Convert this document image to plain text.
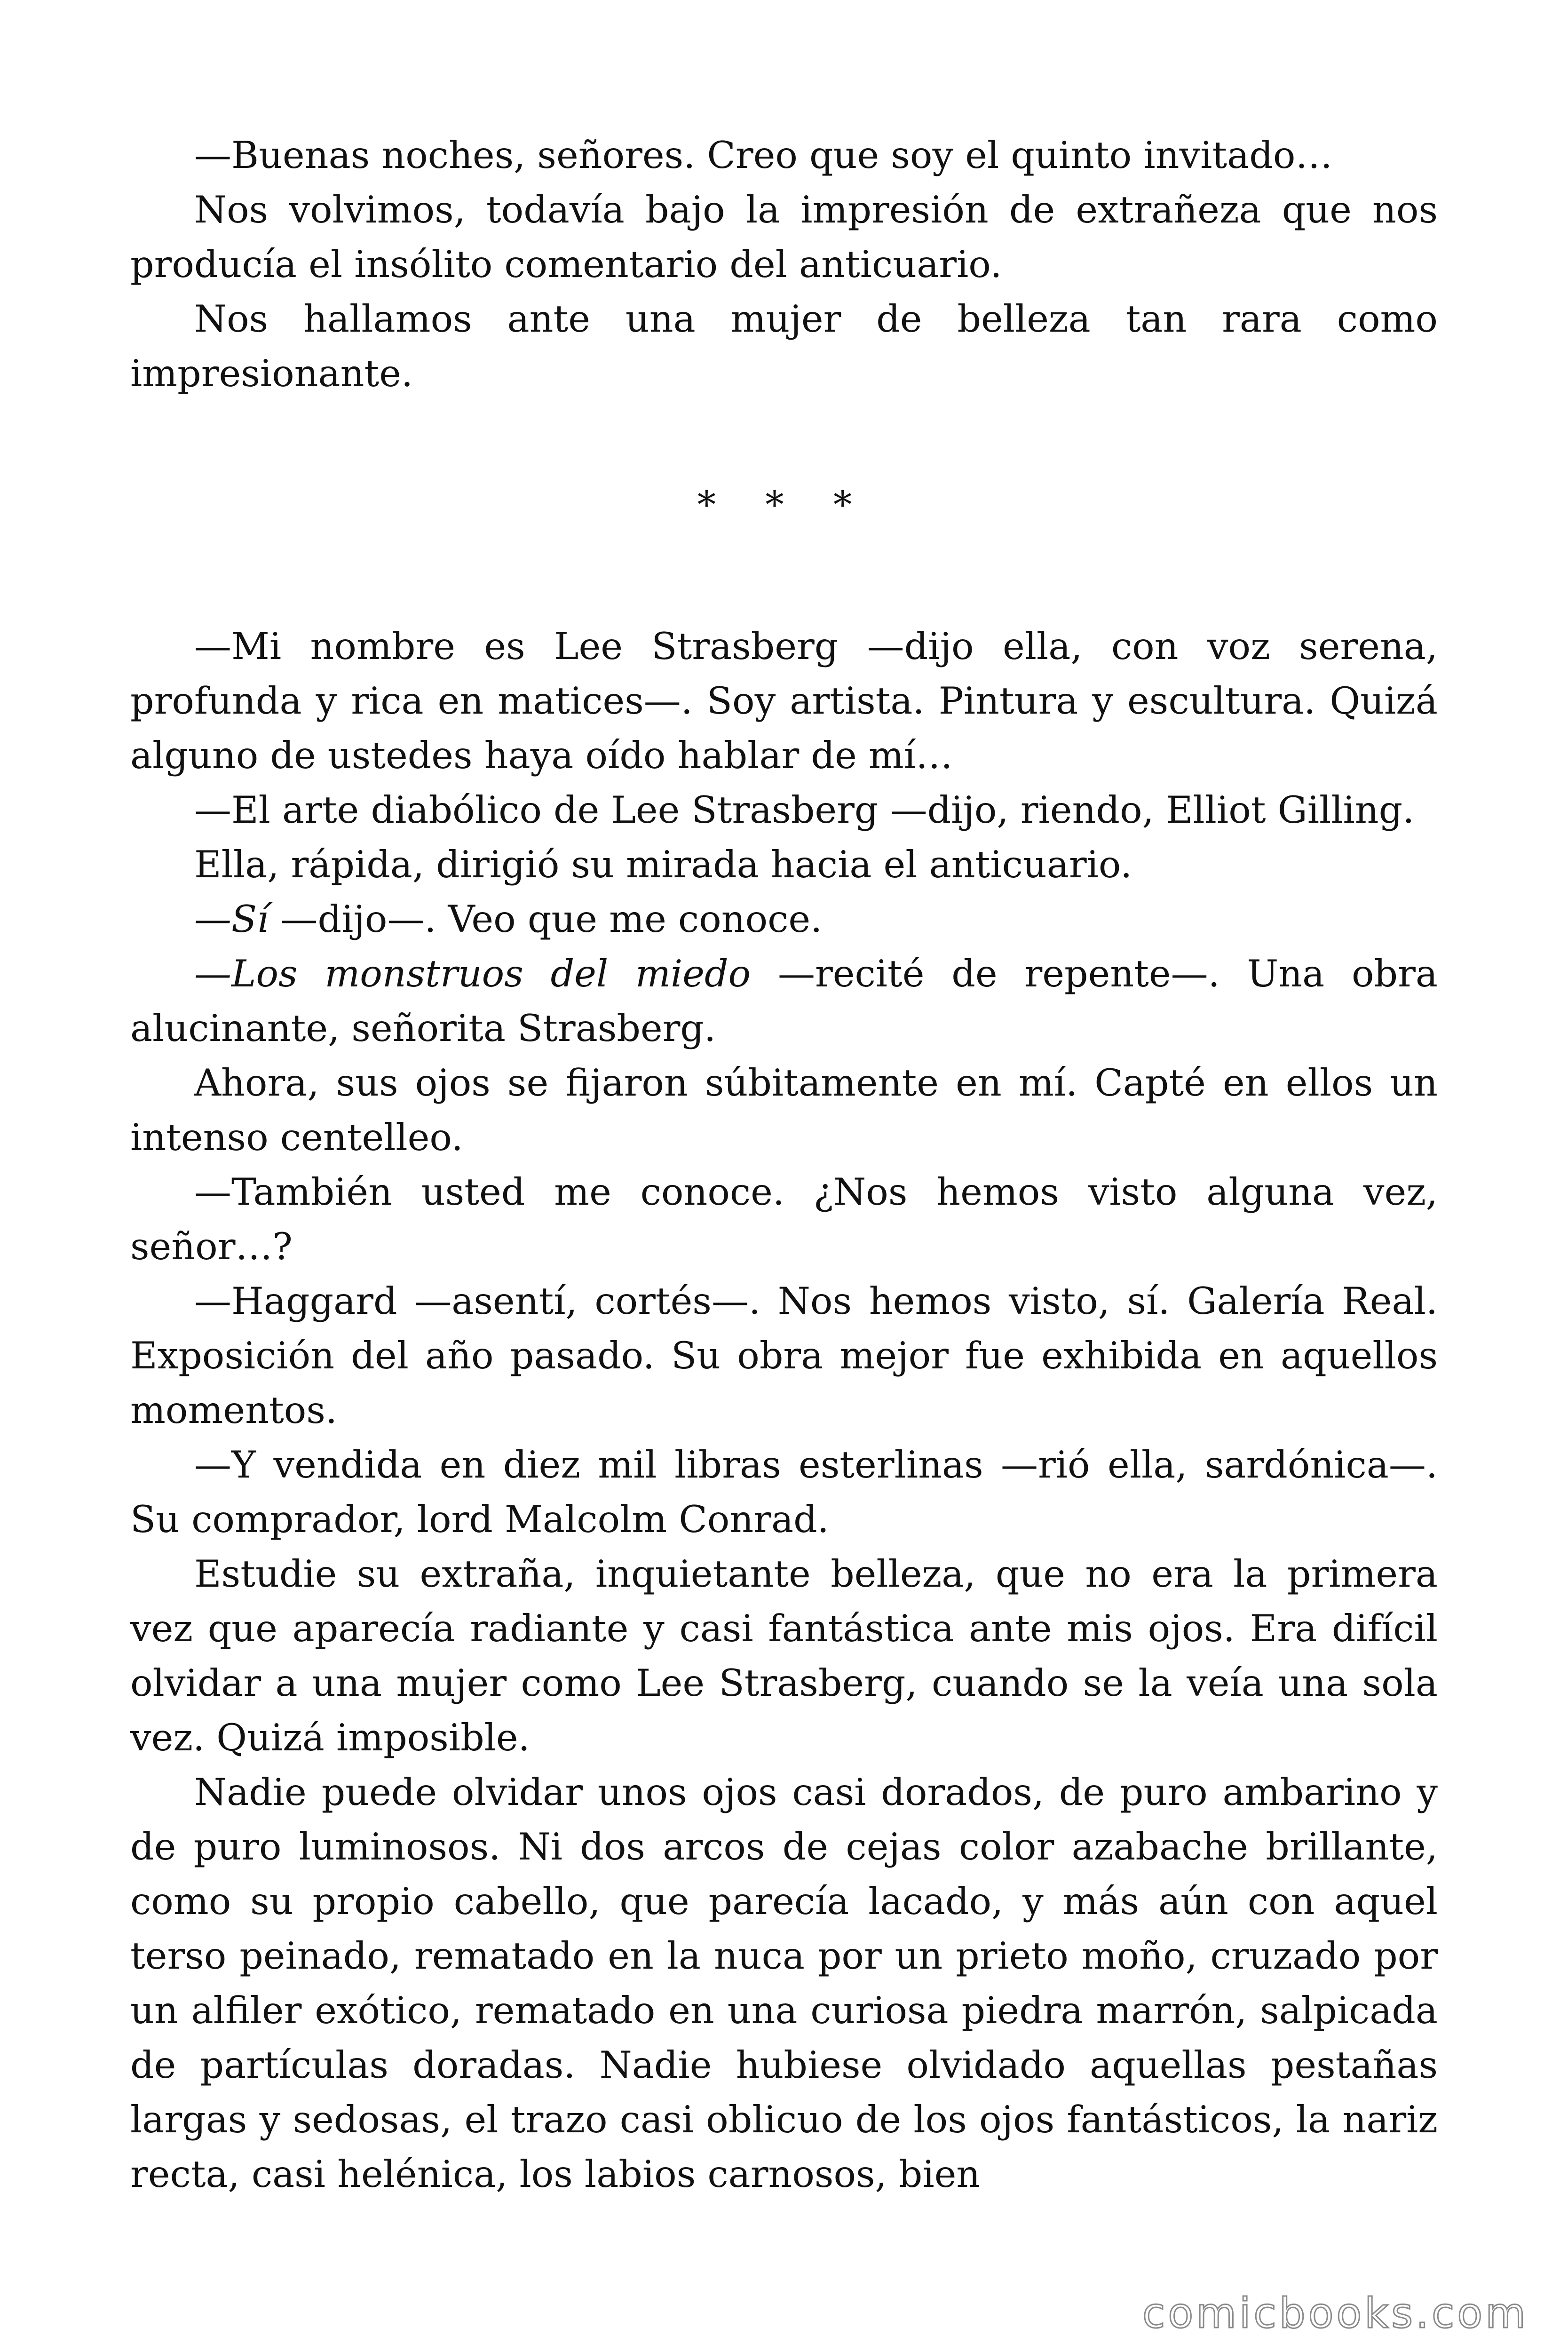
—Buenas noches, señores. Creo que soy el quinto invitado…

Nos volvimos, todavía bajo la impresión de extrañeza que nos producía el insólito comentario del anticuario.

Nos hallamos ante una mujer de belleza tan rara como impresionante.

* * *

—Mi nombre es Lee Strasberg —dijo ella, con voz serena, profunda y rica en matices—. Soy artista. Pintura y escultura. Quizá alguno de ustedes haya oído hablar de mí…

—El arte diabólico de Lee Strasberg —dijo, riendo, Elliot Gilling.

Ella, rápida, dirigió su mirada hacia el anticuario.

—Sí —dijo—. Veo que me conoce.

—Los monstruos del miedo —recité de repente—. Una obra alucinante, señorita Strasberg.

Ahora, sus ojos se fijaron súbitamente en mí. Capté en ellos un intenso centelleo.

—También usted me conoce. ¿Nos hemos visto alguna vez, señor…?

—Haggard —asentí, cortés—. Nos hemos visto, sí. Galería Real. Exposición del año pasado. Su obra mejor fue exhibida en aquellos momentos.

—Y vendida en diez mil libras esterlinas —rió ella, sardónica—. Su comprador, lord Malcolm Conrad.

Estudie su extraña, inquietante belleza, que no era la primera vez que aparecía radiante y casi fantástica ante mis ojos. Era difícil olvidar a una mujer como Lee Strasberg, cuando se la veía una sola vez. Quizá imposible.

Nadie puede olvidar unos ojos casi dorados, de puro ambarino y de puro luminosos. Ni dos arcos de cejas color azabache brillante, como su propio cabello, que parecía lacado, y más aún con aquel terso peinado, rematado en la nuca por un prieto moño, cruzado por un alfiler exótico, rematado en una curiosa piedra marrón, salpicada de partículas doradas. Nadie hubiese olvidado aquellas pestañas largas y sedosas, el trazo casi oblicuo de los ojos fantásticos, la nariz recta, casi helénica, los labios carnosos, bien

comicbooks.com
